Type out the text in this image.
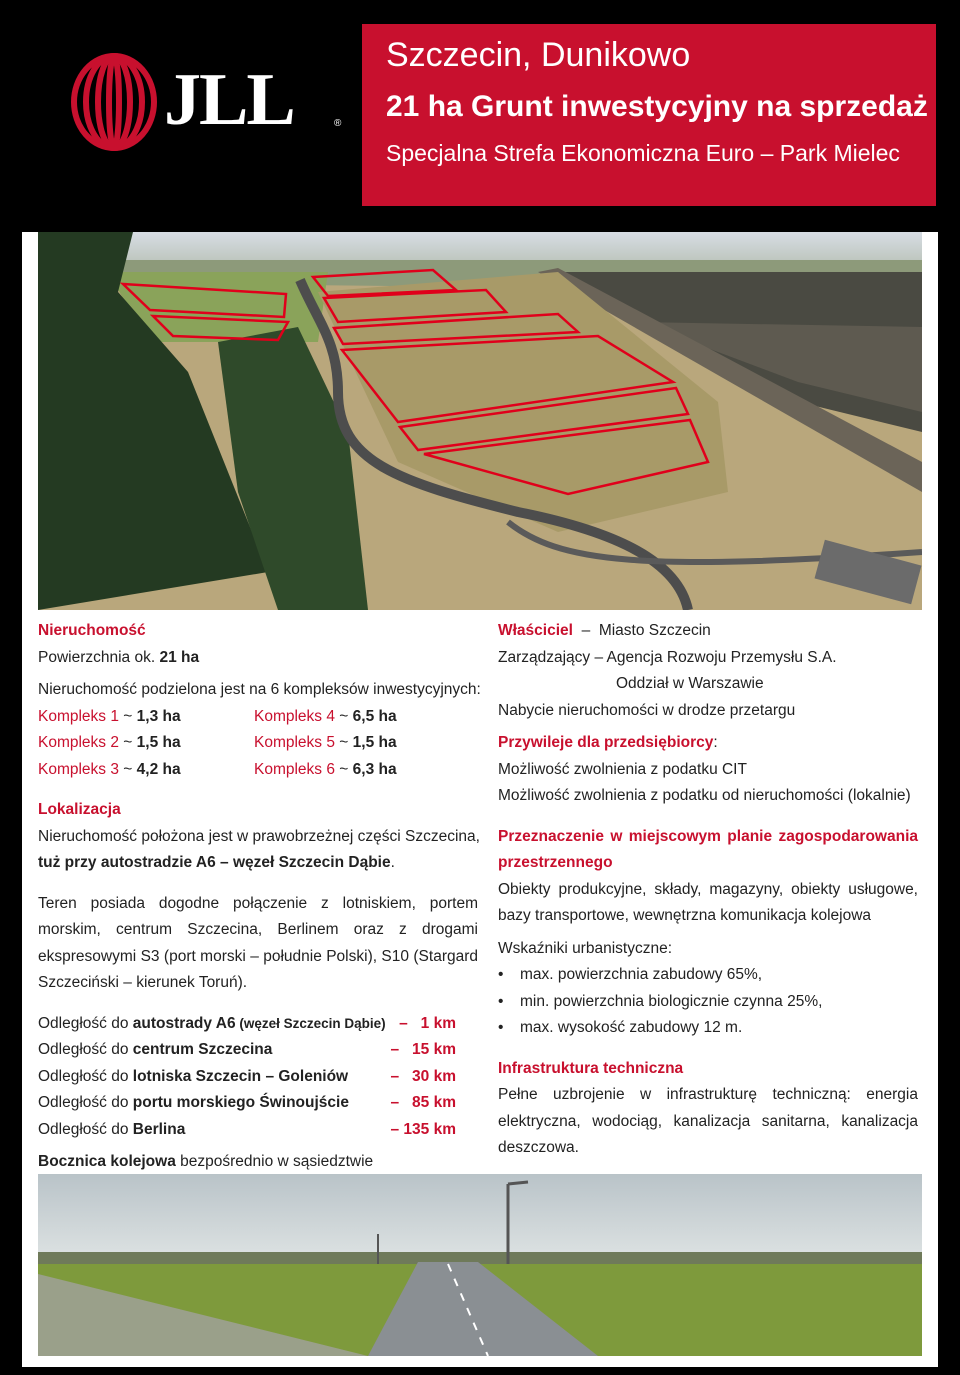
JLL	®
Szczecin, Dunikowo
21 ha Grunt inwestycyjny na sprzedaż
Specjalna Strefa Ekonomiczna Euro – Park Mielec
Nieruchomość
Powierzchnia ok. 21 ha
Nieruchomość podzielona jest na 6 kompleksów inwestycyjnych:
Kompleks 1 ~ 1,3 ha	Kompleks 4 ~ 6,5 ha
Kompleks 2 ~ 1,5 ha	Kompleks 5 ~ 1,5 ha
Kompleks 3 ~ 4,2 ha	Kompleks 6 ~ 6,3 ha
Lokalizacja
Nieruchomość położona jest w prawobrzeżnej części Szczecina,
tuż przy autostradzie A6 – węzeł Szczecin Dąbie.
Teren posiada dogodne połączenie z lotniskiem, portem morskim, centrum Szczecina, Berlinem oraz z drogami ekspresowymi S3 (port morski – południe Polski), S10 (Stargard Szczeciński – kierunek Toruń).
Odległość do autostrady A6 (węzeł Szczecin Dąbie) –   1 km
Odległość do centrum Szczecina	–   15 km
Odległość do lotniska Szczecin – Goleniów	–   30 km
Odległość do portu morskiego Świnoujście	–   85 km
Odległość do Berlina	– 135 km
Bocznica kolejowa bezpośrednio w sąsiedztwie
Właściciel  –  Miasto Szczecin
Zarządzający – Agencja Rozwoju Przemysłu S.A.
Oddział w Warszawie
Nabycie nieruchomości w drodze przetargu
Przywileje dla przedsiębiorcy:
Możliwość zwolnienia z podatku CIT
Możliwość zwolnienia z podatku od nieruchomości (lokalnie)
Przeznaczenie w miejscowym planie zagospodarowania przestrzennego
Obiekty produkcyjne, składy, magazyny, obiekty usługowe, bazy transportowe, wewnętrzna komunikacja kolejowa
Wskaźniki urbanistyczne:
• max. powierzchnia zabudowy 65%,
• min. powierzchnia biologicznie czynna 25%,
• max. wysokość zabudowy 12 m.
Infrastruktura techniczna
Pełne uzbrojenie w infrastrukturę techniczną: energia elektryczna, wodociąg, kanalizacja sanitarna, kanalizacja deszczowa.
